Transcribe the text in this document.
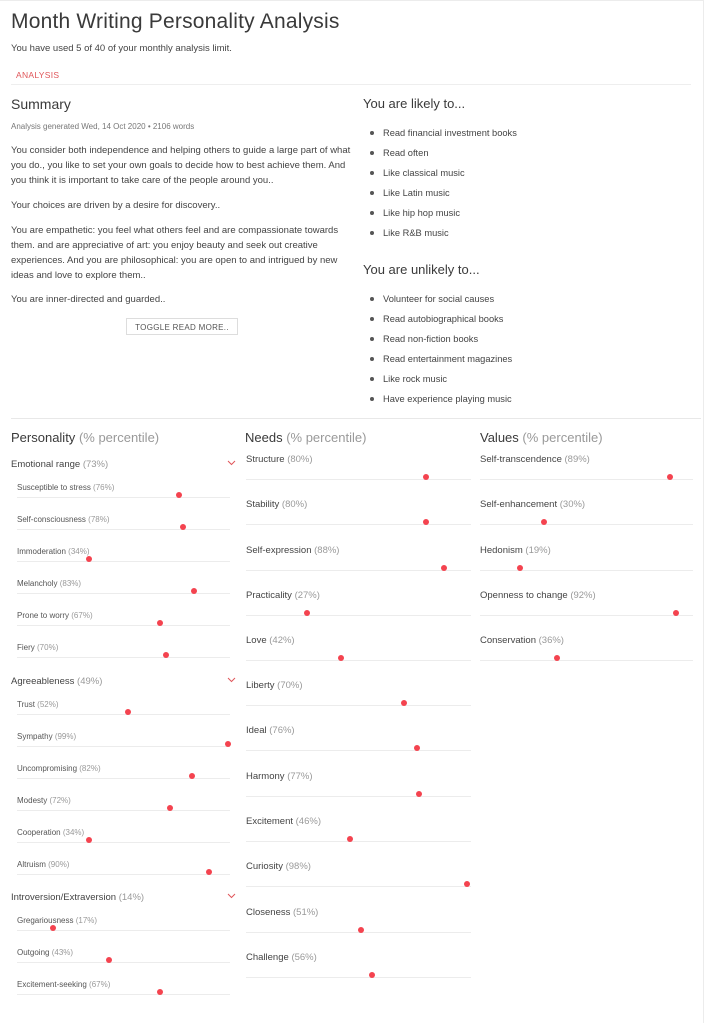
Month Writing Personality Analysis
You have used 5 of 40 of your monthly analysis limit.
ANALYSIS
Summary
Analysis generated Wed, 14 Oct 2020 • 2106 words

You consider both independence and helping others to guide a large part of what you do., you like to set your own goals to decide how to best achieve them. And you think it is important to take care of the people around you..

Your choices are driven by a desire for discovery..

You are empathetic: you feel what others feel and are compassionate towards them. and are appreciative of art: you enjoy beauty and seek out creative experiences. And you are philosophical: you are open to and intrigued by new ideas and love to explore them..

You are inner-directed and guarded..

TOGGLE READ MORE..
You are likely to...
Read financial investment books
Read often
Like classical music
Like Latin music
Like hip hop music
Like R&B music
You are unlikely to...
Volunteer for social causes
Read autobiographical books
Read non-fiction books
Read entertainment magazines
Like rock music
Have experience playing music
Personality (% percentile)	Needs (% percentile)	Values (% percentile)
Emotional range (73%)
Susceptible to stress (76%)
Self-consciousness (78%)
Immoderation (34%)
Melancholy (83%)
Prone to worry (67%)
Fiery (70%)
Agreeableness (49%)
Trust (52%)
Sympathy (99%)
Uncompromising (82%)
Modesty (72%)
Cooperation (34%)
Altruism (90%)
Introversion/Extraversion (14%)
Gregariousness (17%)
Outgoing (43%)
Excitement-seeking (67%)
Structure (80%)
Stability (80%)
Self-expression (88%)
Practicality (27%)
Love (42%)
Liberty (70%)
Ideal (76%)
Harmony (77%)
Excitement (46%)
Curiosity (98%)
Closeness (51%)
Challenge (56%)
Self-transcendence (89%)
Self-enhancement (30%)
Hedonism (19%)
Openness to change (92%)
Conservation (36%)
